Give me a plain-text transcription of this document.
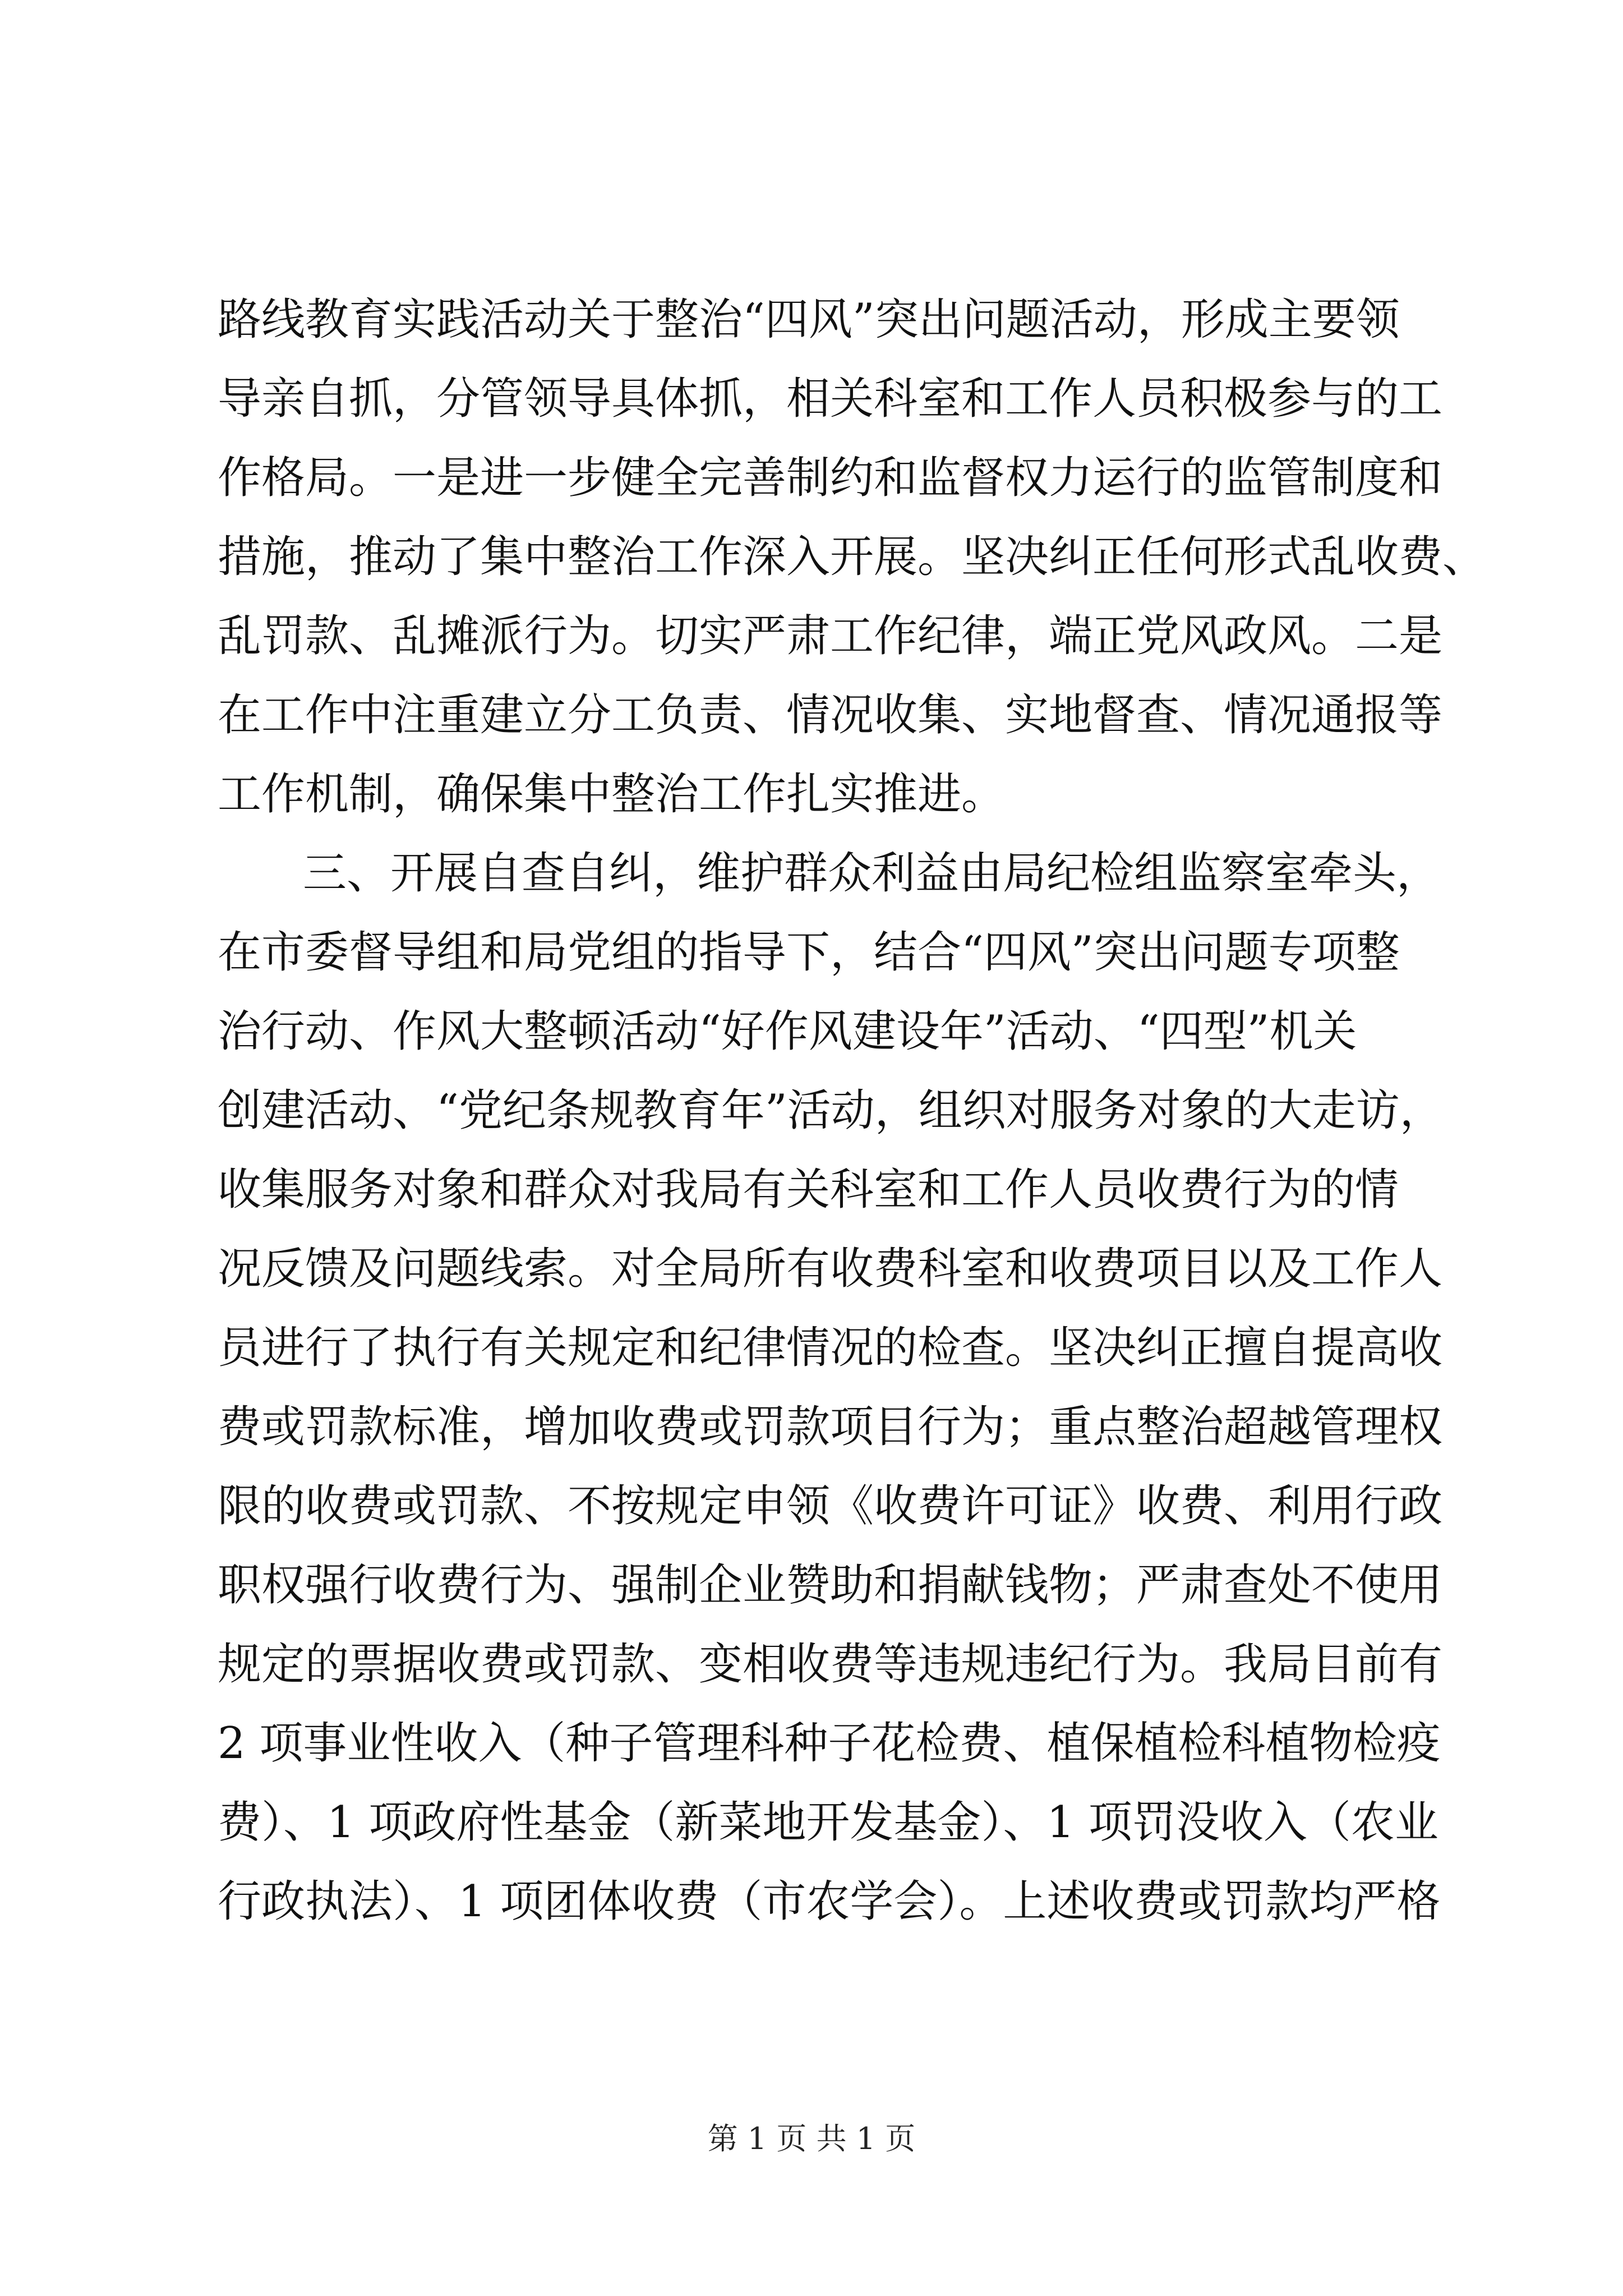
路线教育实践活动关于整治“四风”突出问题活动，形成主要领
导亲自抓，分管领导具体抓，相关科室和工作人员积极参与的工
作格局。一是进一步健全完善制约和监督权力运行的监管制度和
措施，推动了集中整治工作深入开展。坚决纠正任何形式乱收费、
乱罚款、乱摊派行为。切实严肃工作纪律，端正党风政风。二是
在工作中注重建立分工负责、情况收集、实地督查、情况通报等
工作机制，确保集中整治工作扎实推进。
三、开展自查自纠，维护群众利益由局纪检组监察室牵头，
在市委督导组和局党组的指导下，结合“四风”突出问题专项整
治行动、作风大整顿活动“好作风建设年”活动、“四型”机关
创建活动、“党纪条规教育年”活动，组织对服务对象的大走访，
收集服务对象和群众对我局有关科室和工作人员收费行为的情
况反馈及问题线索。对全局所有收费科室和收费项目以及工作人
员进行了执行有关规定和纪律情况的检查。坚决纠正擅自提高收
费或罚款标准，增加收费或罚款项目行为；重点整治超越管理权
限的收费或罚款、不按规定申领《收费许可证》收费、利用行政
职权强行收费行为、强制企业赞助和捐献钱物；严肃查处不使用
规定的票据收费或罚款、变相收费等违规违纪行为。我局目前有
2 项事业性收入（种子管理科种子花检费、植保植检科植物检疫
费）、1 项政府性基金（新菜地开发基金）、1 项罚没收入（农业
行政执法）、1 项团体收费（市农学会）。上述收费或罚款均严格
第 1 页 共 1 页
